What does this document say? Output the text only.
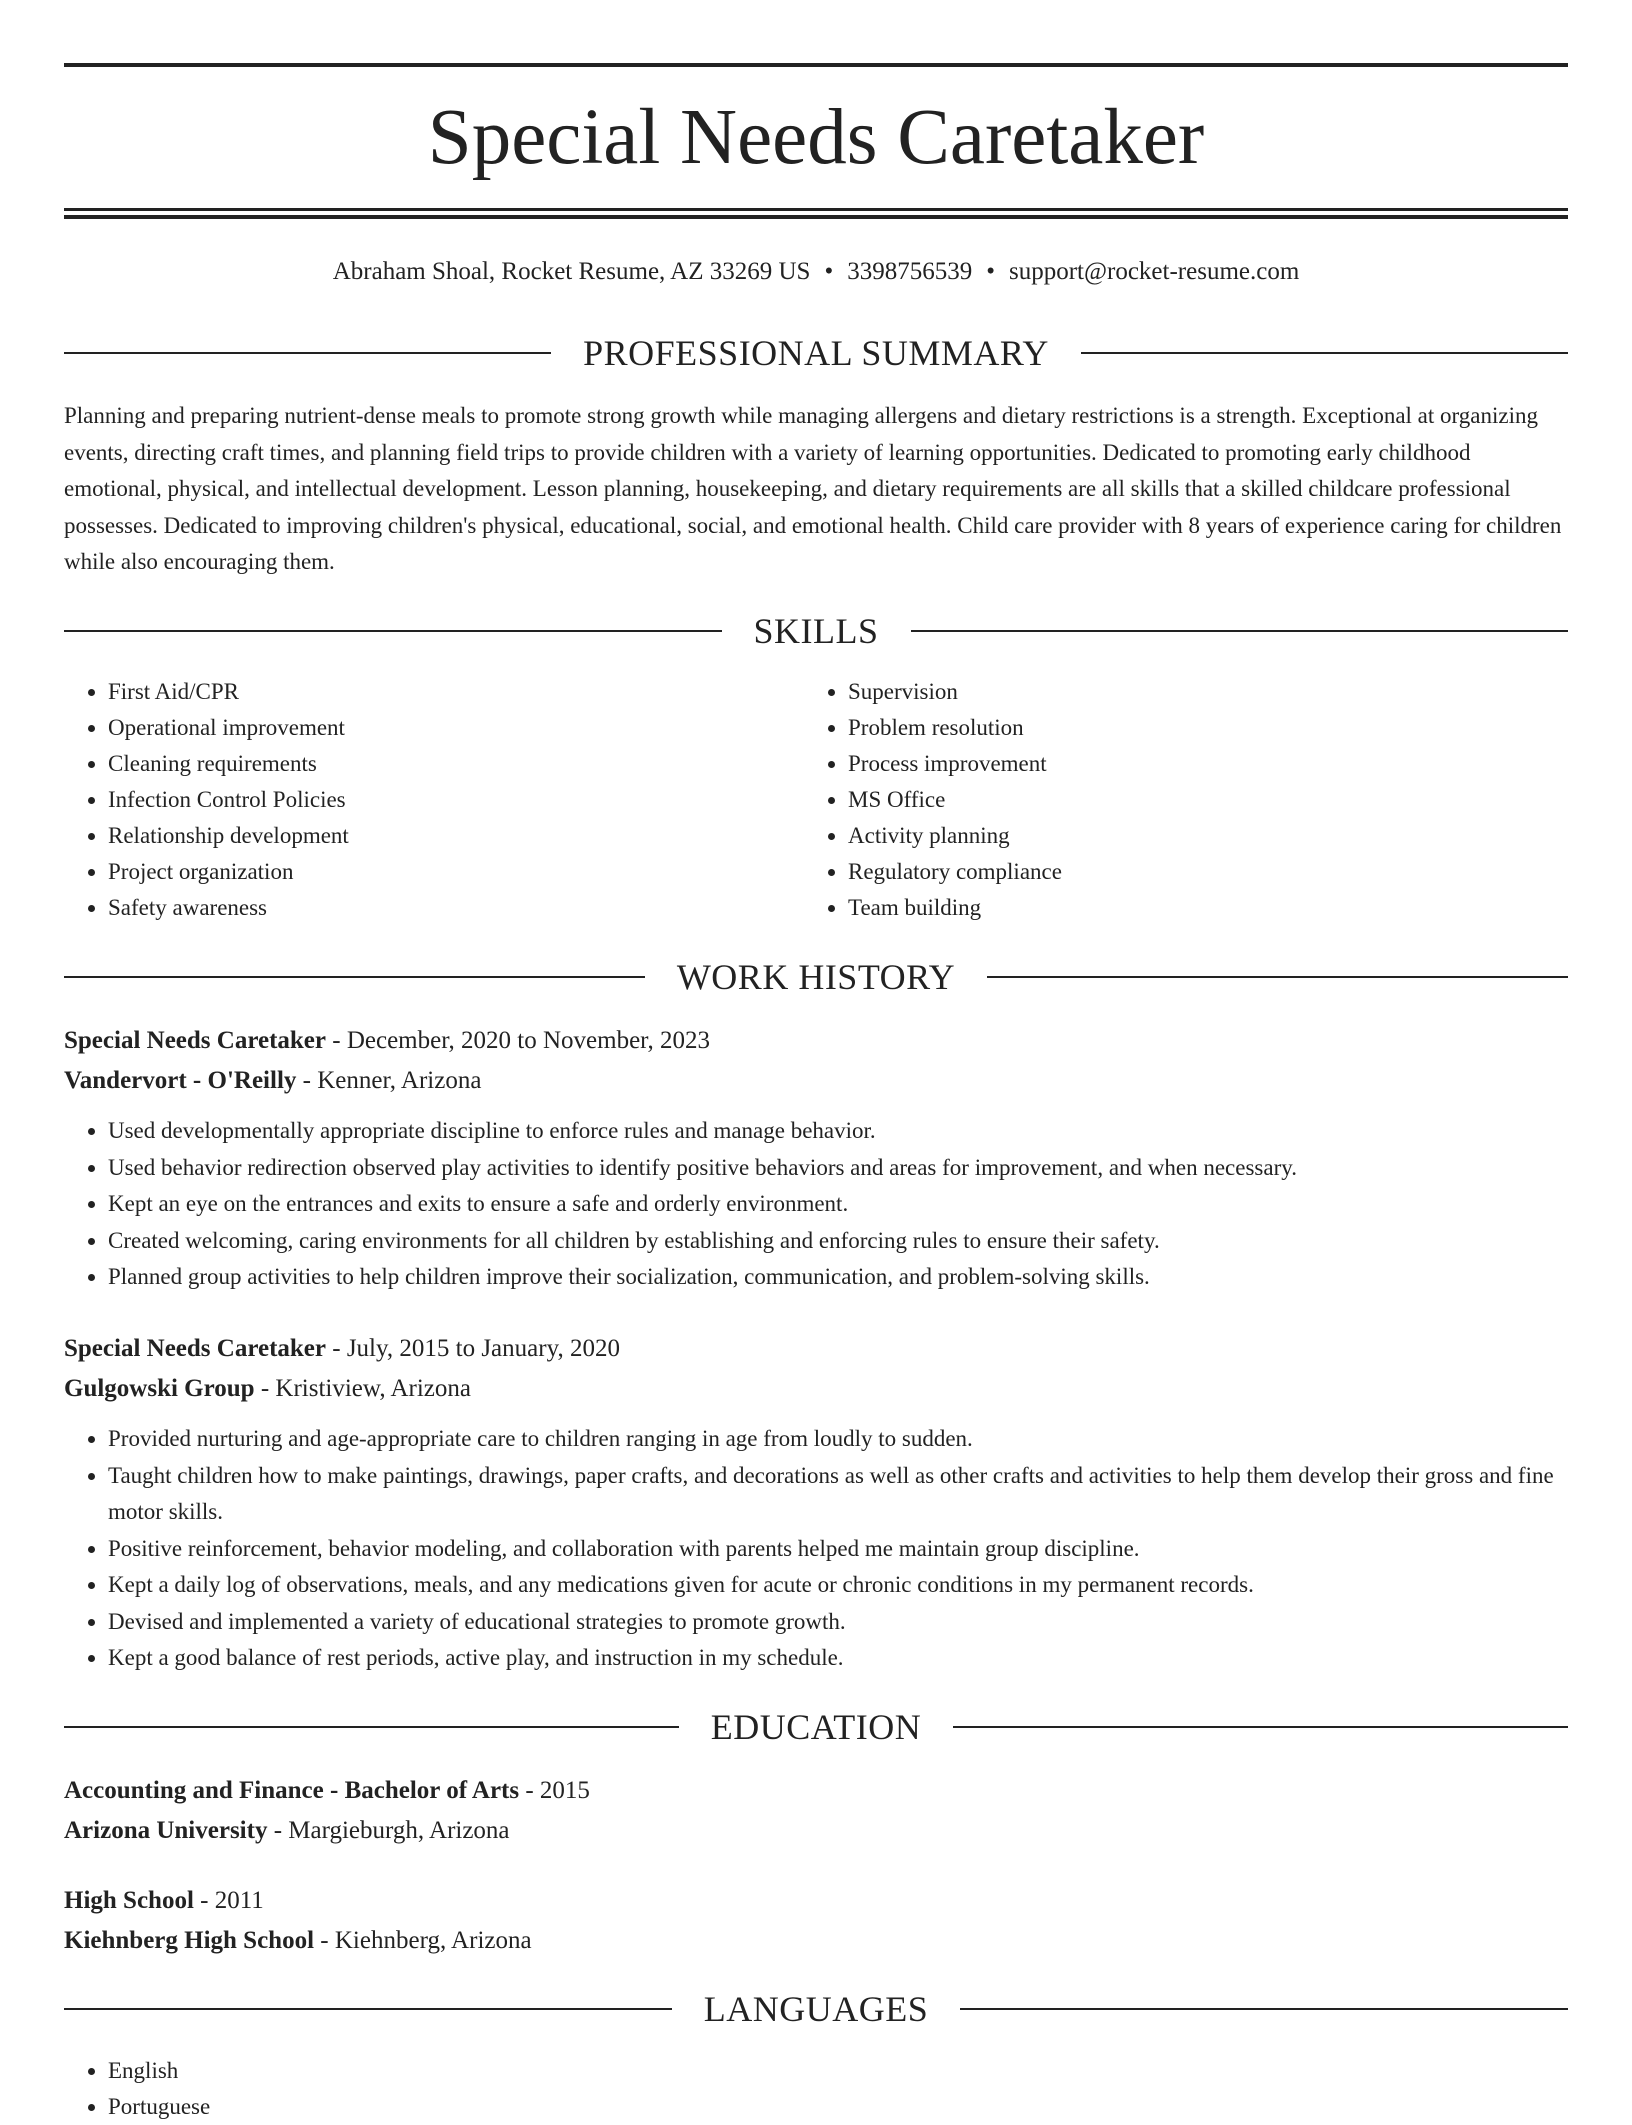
Special Needs Caretaker
Abraham Shoal, Rocket Resume, AZ 33269 US • 3398756539 • support@rocket-resume.com
PROFESSIONAL SUMMARY

Planning and preparing nutrient-dense meals to promote strong growth while managing allergens and dietary restrictions is a strength. Exceptional at organizing events, directing craft times, and planning field trips to provide children with a variety of learning opportunities. Dedicated to promoting early childhood emotional, physical, and intellectual development. Lesson planning, housekeeping, and dietary requirements are all skills that a skilled childcare professional possesses. Dedicated to improving children's physical, educational, social, and emotional health. Child care provider with 8 years of experience caring for children while also encouraging them.

SKILLS
• First Aid/CPR
• Operational improvement
• Cleaning requirements
• Infection Control Policies
• Relationship development
• Project organization
• Safety awareness
• Supervision
• Problem resolution
• Process improvement
• MS Office
• Activity planning
• Regulatory compliance
• Team building
WORK HISTORY
Special Needs Caretaker - December, 2020 to November, 2023
Vandervort - O'Reilly - Kenner, Arizona
• Used developmentally appropriate discipline to enforce rules and manage behavior.
• Used behavior redirection observed play activities to identify positive behaviors and areas for improvement, and when necessary.
• Kept an eye on the entrances and exits to ensure a safe and orderly environment.
• Created welcoming, caring environments for all children by establishing and enforcing rules to ensure their safety.
• Planned group activities to help children improve their socialization, communication, and problem-solving skills.
Special Needs Caretaker - July, 2015 to January, 2020
Gulgowski Group - Kristiview, Arizona
• Provided nurturing and age-appropriate care to children ranging in age from loudly to sudden.
• Taught children how to make paintings, drawings, paper crafts, and decorations as well as other crafts and activities to help them develop their gross and fine motor skills.
• Positive reinforcement, behavior modeling, and collaboration with parents helped me maintain group discipline.
• Kept a daily log of observations, meals, and any medications given for acute or chronic conditions in my permanent records.
• Devised and implemented a variety of educational strategies to promote growth.
• Kept a good balance of rest periods, active play, and instruction in my schedule.
EDUCATION
Accounting and Finance - Bachelor of Arts - 2015
Arizona University - Margieburgh, Arizona
High School - 2011
Kiehnberg High School - Kiehnberg, Arizona
LANGUAGES
• English
• Portuguese
